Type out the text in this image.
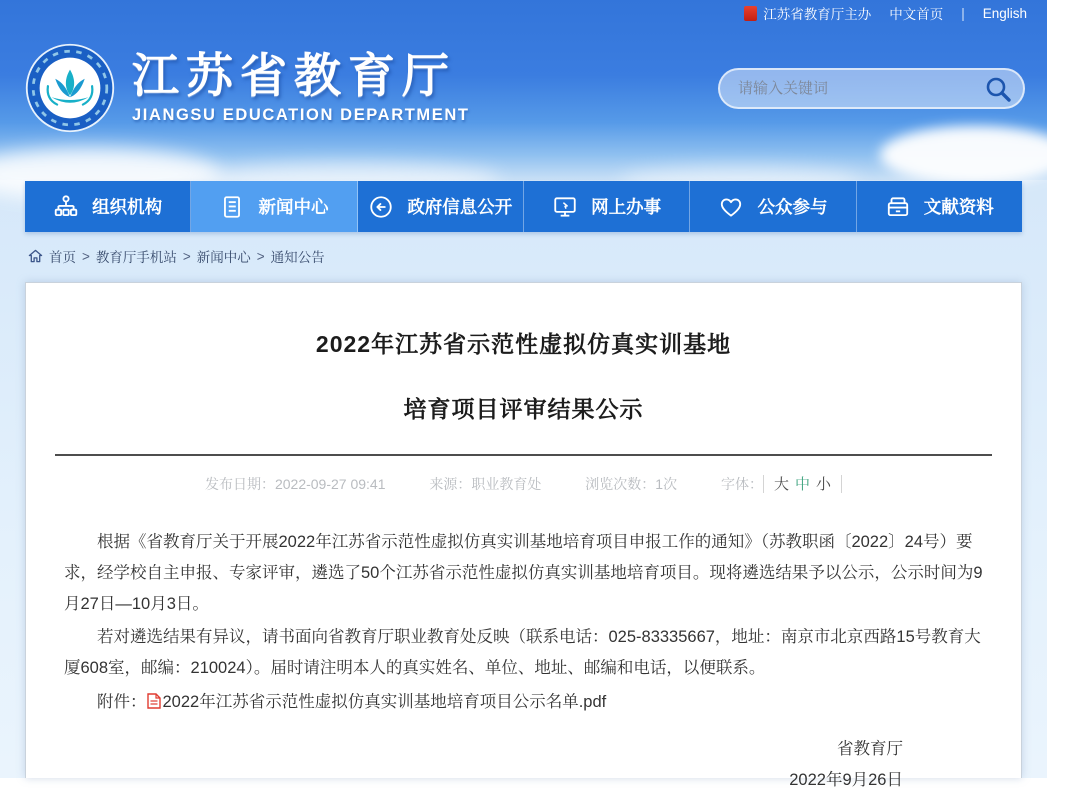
江苏省教育厅主办 中文首页 | English
江苏省教育厅
JIANGSU EDUCATION DEPARTMENT
请输入关键词
组织机构	新闻中心	政府信息公开	网上办事	公众参与	文献资料
首页 > 教育厅手机站 > 新闻中心 > 通知公告
2022年江苏省示范性虚拟仿真实训基地
培育项目评审结果公示
发布日期：2022-09-27 09:41	来源：职业教育处	浏览次数：1次	字体： 大 中 小

根据《省教育厅关于开展2022年江苏省示范性虚拟仿真实训基地培育项目申报工作的通知》（苏教职函〔2022〕24号）要求，经学校自主申报、专家评审，遴选了50个江苏省示范性虚拟仿真实训基地培育项目。现将遴选结果予以公示，公示时间为9月27日—10月3日。

若对遴选结果有异议，请书面向省教育厅职业教育处反映（联系电话：025-83335667，地址：南京市北京西路15号教育大厦608室，邮编：210024）。届时请注明本人的真实姓名、单位、地址、邮编和电话，以便联系。

附件： 2022年江苏省示范性虚拟仿真实训基地培育项目公示名单.pdf
省教育厅
2022年9月26日
